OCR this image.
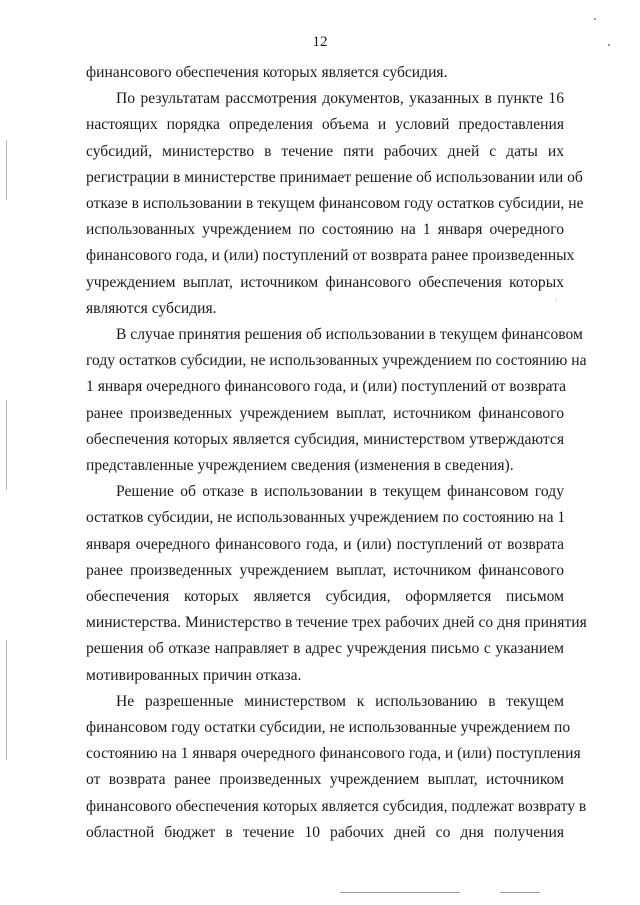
12

финансового обеспечения которых является субсидия.

По результатам рассмотрения документов, указанных в пункте 16
настоящих порядка определения объема и условий предоставления
субсидий, министерство в течение пяти рабочих дней с даты их
регистрации в министерстве принимает решение об использовании или об
отказе в использовании в текущем финансовом году остатков субсидии, не
использованных учреждением по состоянию на 1 января очередного
финансового года, и (или) поступлений от возврата ранее произведенных
учреждением выплат, источником финансового обеспечения которых
являются субсидия.

В случае принятия решения об использовании в текущем финансовом
году остатков субсидии, не использованных учреждением по состоянию на
1 января очередного финансового года, и (или) поступлений от возврата
ранее произведенных учреждением выплат, источником финансового
обеспечения которых является субсидия, министерством утверждаются
представленные учреждением сведения (изменения в сведения).

Решение об отказе в использовании в текущем финансовом году
остатков субсидии, не использованных учреждением по состоянию на 1
января очередного финансового года, и (или) поступлений от возврата
ранее произведенных учреждением выплат, источником финансового
обеспечения которых является субсидия, оформляется письмом
министерства. Министерство в течение трех рабочих дней со дня принятия
решения об отказе направляет в адрес учреждения письмо с указанием
мотивированных причин отказа.

Не разрешенные министерством к использованию в текущем
финансовом году остатки субсидии, не использованные учреждением по
состоянию на 1 января очередного финансового года, и (или) поступления
от возврата ранее произведенных учреждением выплат, источником
финансового обеспечения которых является субсидия, подлежат возврату в
областной бюджет в течение 10 рабочих дней со дня получения
